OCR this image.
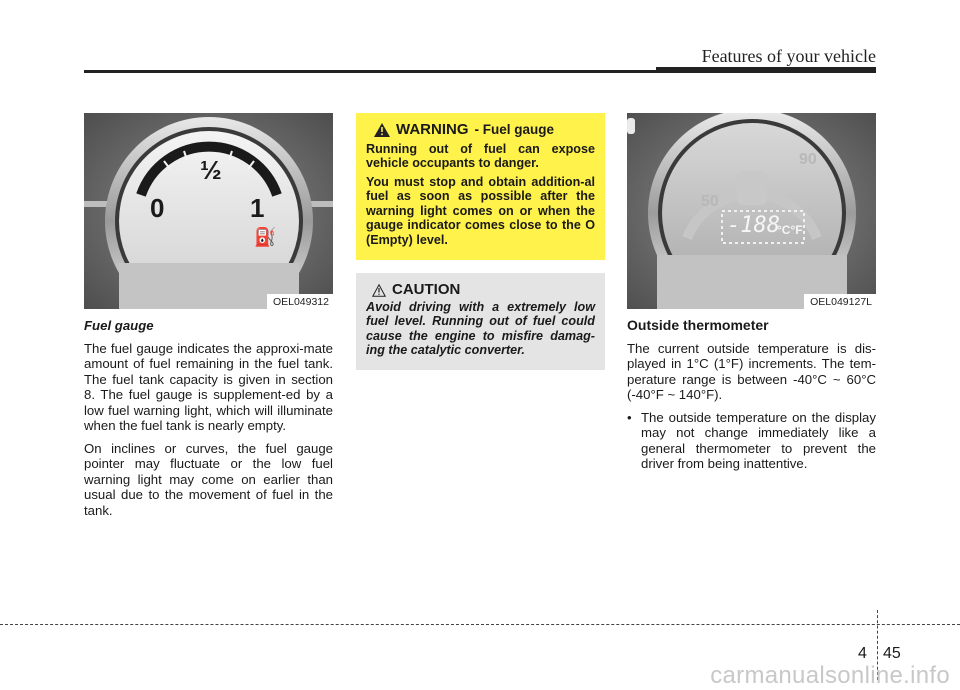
Features of your vehicle
0
½
1
⛽
OEL049312

Fuel gauge

The fuel gauge indicates the approxi-mate amount of fuel remaining in the fuel tank. The fuel tank capacity is given in section 8. The fuel gauge is supplement-ed by a low fuel warning light, which will illuminate when the fuel tank is nearly empty.

On inclines or curves, the fuel gauge pointer may fluctuate or the low fuel warning light may come on earlier than usual due to the movement of fuel in the tank.

WARNING - Fuel gauge

Running out of fuel can expose vehicle occupants to danger.

You must stop and obtain addition-al fuel as soon as possible after the warning light comes on or when the gauge indicator comes close to the O (Empty) level.

CAUTION

Avoid driving with a extremely low fuel level. Running out of fuel could cause the engine to misfire damag-ing the catalytic converter.

90
50
-188
°C°F
OEL049127L

Outside thermometer

The current outside temperature is dis-played in 1°C (1°F) increments. The tem-perature range is between -40°C ~ 60°C (-40°F ~ 140°F).

• The outside temperature on the display may not change immediately like a general thermometer to prevent the driver from being inattentive.
4 45
carmanualsonline.info
